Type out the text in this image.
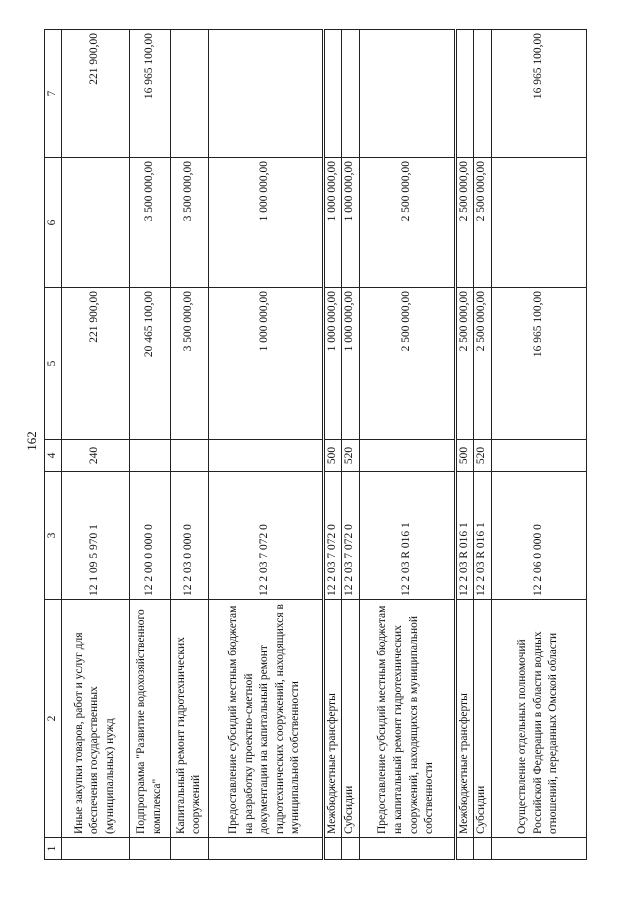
162
1	2	3	4	5	6	7
	Иные закупки товаров, работ и услуг для обеспечения государственных (муниципальных) нужд	12 1 09 5 970 1	240	221 900,00		221 900,00
	Подпрограмма "Развитие водохозяйственного комплекса"	12 2 00 0 000 0		20 465 100,00	3 500 000,00	16 965 100,00
	Капитальный ремонт гидротехнических сооружений	12 2 03 0 000 0		3 500 000,00	3 500 000,00	
	Предоставление субсидий местным бюджетам на разработку проектно-сметной документации на капитальный ремонт гидротехнических сооружений, находящихся в муниципальной собственности	12 2 03 7 072 0		1 000 000,00	1 000 000,00	
	Межбюджетные трансферты	12 2 03 7 072 0	500	1 000 000,00	1 000 000,00	
	Субсидии	12 2 03 7 072 0	520	1 000 000,00	1 000 000,00	
	Предоставление субсидий местным бюджетам на капитальный ремонт гидротехнических сооружений, находящихся в муниципальной собственности	12 2 03 R 016 1		2 500 000,00	2 500 000,00	
	Межбюджетные трансферты	12 2 03 R 016 1	500	2 500 000,00	2 500 000,00	
	Субсидии	12 2 03 R 016 1	520	2 500 000,00	2 500 000,00	
	Осуществление отдельных полномочий Российской Федерации в области водных отношений, переданных Омской области	12 2 06 0 000 0		16 965 100,00		16 965 100,00
